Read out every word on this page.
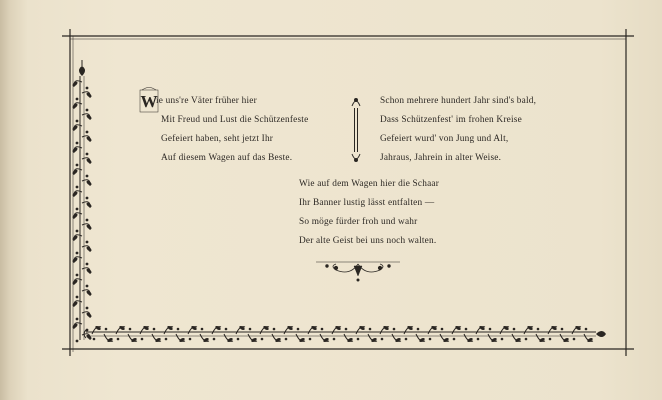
W
ie uns're Väter früher hier
Mit Freud und Lust die Schützenfeste
Gefeiert haben, seht jetzt Ihr
Auf diesem Wagen auf das Beste.
Schon mehrere hundert Jahr sind's bald,
Dass Schützenfest' im frohen Kreise
Gefeiert wurd' von Jung und Alt,
Jahraus, Jahrein in alter Weise.
Wie auf dem Wagen hier die Schaar
Ihr Banner lustig lässt entfalten —
So möge fürder froh und wahr
Der alte Geist bei uns noch walten.
